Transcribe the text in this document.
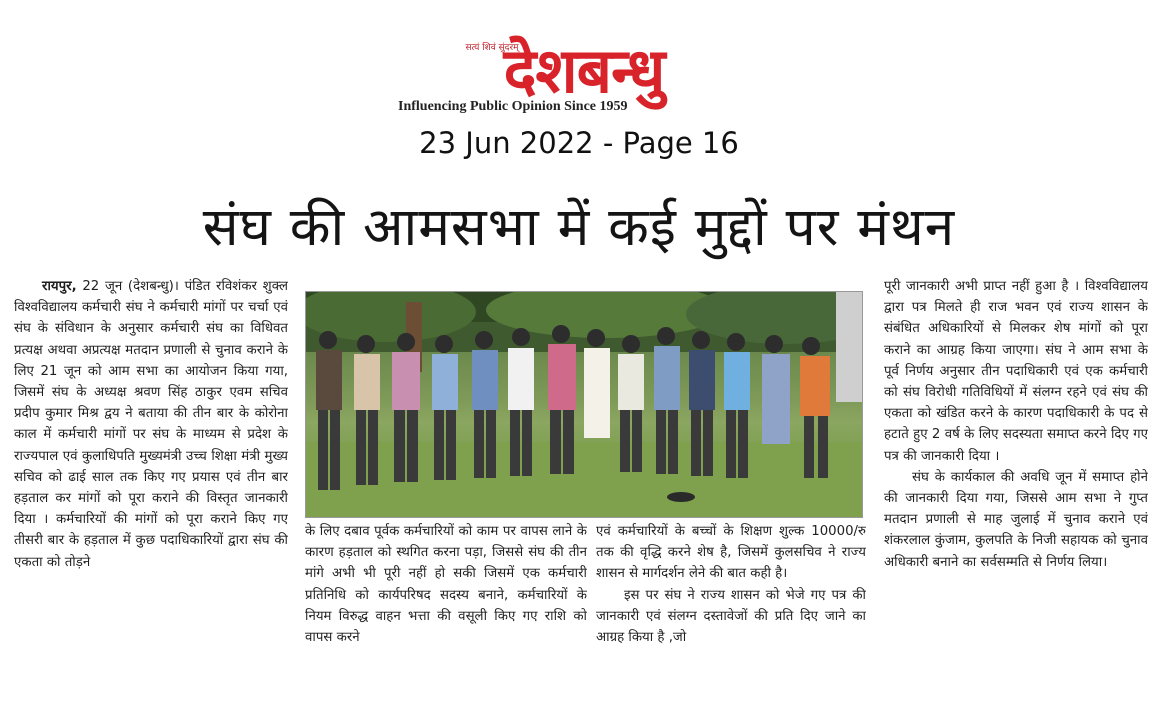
सत्‍यं शिवं सुंदरम्
देशबन्धु
Influencing Public Opinion Since 1959
23 Jun 2022 - Page 16
संघ की आमसभा में कई मुद्दों पर मंथन

रायपुर, 22 जून (देशबन्धु)। पंडित रविशंकर शुक्ल विश्वविद्यालय कर्मचारी संघ ने कर्मचारी मांगों पर चर्चा एवं संघ के संविधान के अनुसार कर्मचारी संघ का विधिवत प्रत्यक्ष अथवा अप्रत्यक्ष मतदान प्रणाली से चुनाव कराने के लिए 21 जून को आम सभा का आयोजन किया गया, जिसमें संघ के अध्यक्ष श्रवण सिंह ठाकुर एवम सचिव प्रदीप कुमार मिश्र द्वय ने बताया की तीन बार के कोरोना काल में कर्मचारी मांगों पर संघ के माध्यम से प्रदेश के राज्यपाल एवं कुलाधिपति मुख्यमंत्री उच्च शिक्षा मंत्री मुख्य सचिव को ढाई साल तक किए गए प्रयास एवं तीन बार हड़ताल कर मांगों को पूरा कराने की विस्तृत जानकारी दिया । कर्मचारियों की मांगों को पूरा कराने किए गए तीसरी बार के हड़ताल में कुछ पदाधिकारियों द्वारा संघ की एकता को तोड़ने

के लिए दबाव पूर्वक कर्मचारियों को काम पर वापस लाने के कारण हड़ताल को स्थगित करना पड़ा, जिससे संघ की तीन मांगे अभी भी पूरी नहीं हो सकी जिसमें एक कर्मचारी प्रतिनिधि को कार्यपरिषद सदस्य बनाने, कर्मचारियों के नियम विरुद्ध वाहन भत्ता की वसूली किए गए राशि को वापस करने

एवं कर्मचारियों के बच्चों के शिक्षण शुल्क 10000/रु तक की वृद्धि करने शेष है, जिसमें कुलसचिव ने राज्य शासन से मार्गदर्शन लेने की बात कही है।

इस पर संघ ने राज्य शासन को भेजे गए पत्र की जानकारी एवं संलग्न दस्तावेजों की प्रति दिए जाने का आग्रह किया है ,जो

पूरी जानकारी अभी प्राप्त नहीं हुआ है । विश्वविद्यालय द्वारा पत्र मिलते ही राज भवन एवं राज्य शासन के संबंधित अधिकारियों से मिलकर शेष मांगों को पूरा कराने का आग्रह किया जाएगा। संघ ने आम सभा के पूर्व निर्णय अनुसार तीन पदाधिकारी एवं एक कर्मचारी को संघ विरोधी गतिविधियों में संलग्न रहने एवं संघ की एकता को खंडित करने के कारण पदाधिकारी के पद से हटाते हुए 2 वर्ष के लिए सदस्यता समाप्त करने दिए गए पत्र की जानकारी दिया ।

संघ के कार्यकाल की अवधि जून में समाप्त होने की जानकारी दिया गया, जिससे आम सभा ने गुप्त मतदान प्रणाली से माह जुलाई में चुनाव कराने एवं शंकरलाल कुंजाम, कुलपति के निजी सहायक को चुनाव अधिकारी बनाने का सर्वसम्मति से निर्णय लिया।
